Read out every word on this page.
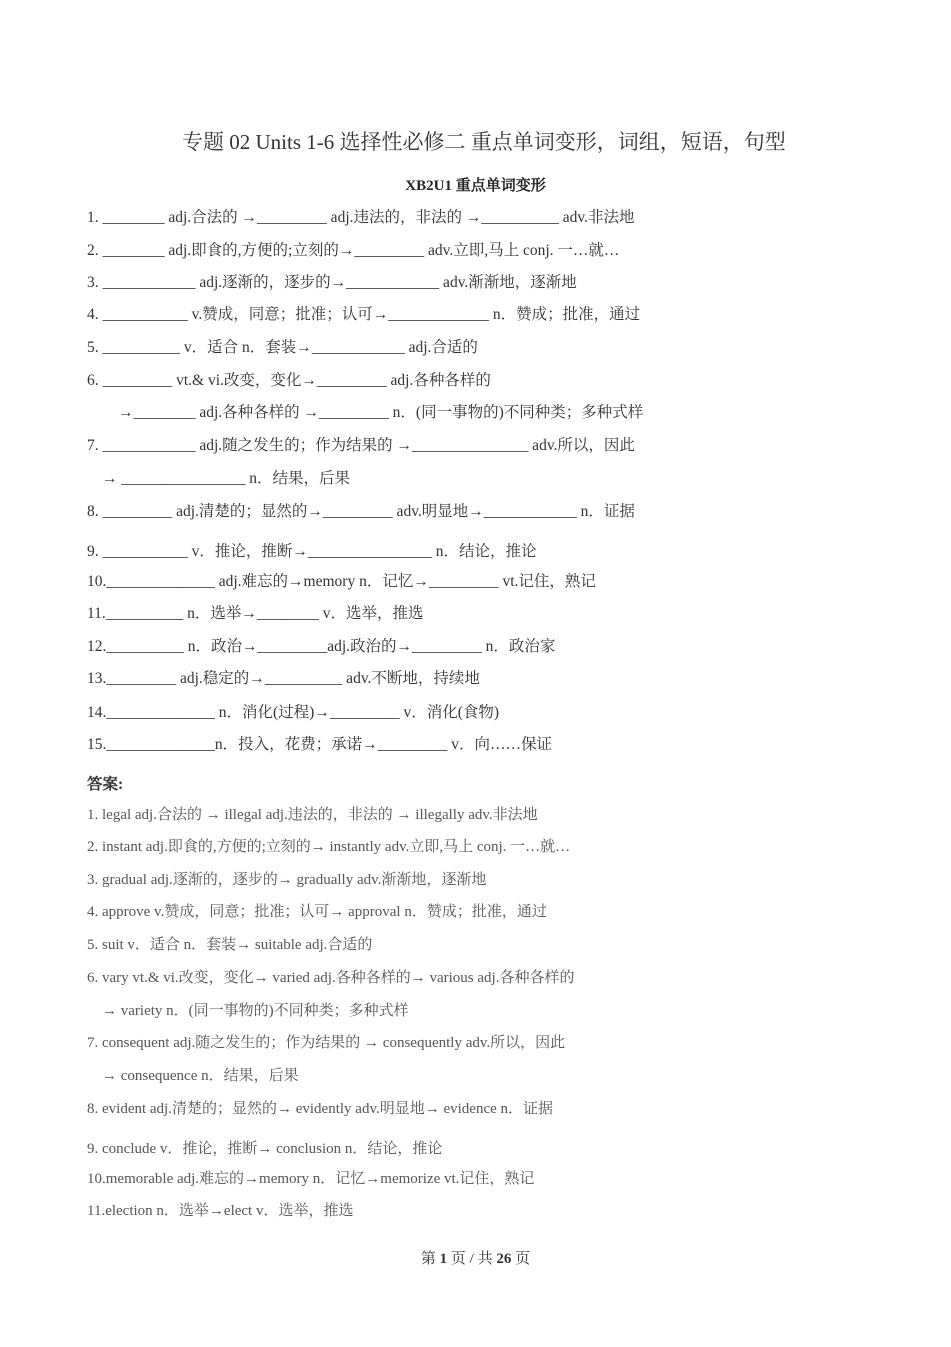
专题 02 Units 1-6 选择性必修二 重点单词变形，词组，短语，句型
XB2U1 重点单词变形
1. ________ adj.合法的 →_________ adj.违法的，非法的 →__________ adv.非法地
2. ________ adj.即食的,方便的;立刻的→_________ adv.立即,马上 conj. 一…就…
3. ____________ adj.逐渐的，逐步的→____________ adv.渐渐地，逐渐地
4. ___________ v.赞成，同意；批准；认可→_____________ n．赞成；批准，通过
5. __________ v．适合 n．套装→____________ adj.合适的
6. _________ vt.& vi.改变，变化→_________ adj.各种各样的
→________ adj.各种各样的 →_________ n．(同一事物的)不同种类；多种式样
7. ____________ adj.随之发生的；作为结果的 →_______________ adv.所以，因此
→ ________________ n．结果，后果
8. _________ adj.清楚的；显然的→_________ adv.明显地→____________ n．证据
9. ___________ v．推论，推断→________________ n．结论，推论
10.______________ adj.难忘的→memory n．记忆→_________ vt.记住，熟记
11.__________ n．选举→________ v．选举，推选
12.__________ n．政治→_________adj.政治的→_________ n．政治家
13._________ adj.稳定的→__________ adv.不断地，持续地
14.______________ n．消化(过程)→_________ v．消化(食物)
15.______________n．投入，花费；承诺→_________ v．向……保证
答案:
1. legal adj.合法的 → illegal adj.违法的，非法的 → illegally adv.非法地
2. instant adj.即食的,方便的;立刻的→ instantly adv.立即,马上 conj. 一…就…
3. gradual adj.逐渐的，逐步的→ gradually adv.渐渐地，逐渐地
4. approve v.赞成，同意；批准；认可→ approval n．赞成；批准，通过
5. suit v．适合 n．套装→ suitable adj.合适的
6. vary vt.& vi.改变，变化→ varied adj.各种各样的→ various adj.各种各样的
→ variety n．(同一事物的)不同种类；多种式样
7. consequent adj.随之发生的；作为结果的 → consequently adv.所以，因此
→ consequence n．结果，后果
8. evident adj.清楚的；显然的→ evidently adv.明显地→ evidence n．证据
9. conclude v．推论，推断→ conclusion n．结论，推论
10.memorable adj.难忘的→memory n．记忆→memorize vt.记住，熟记
11.election n．选举→elect v．选举，推选
第 1 页 / 共 26 页
